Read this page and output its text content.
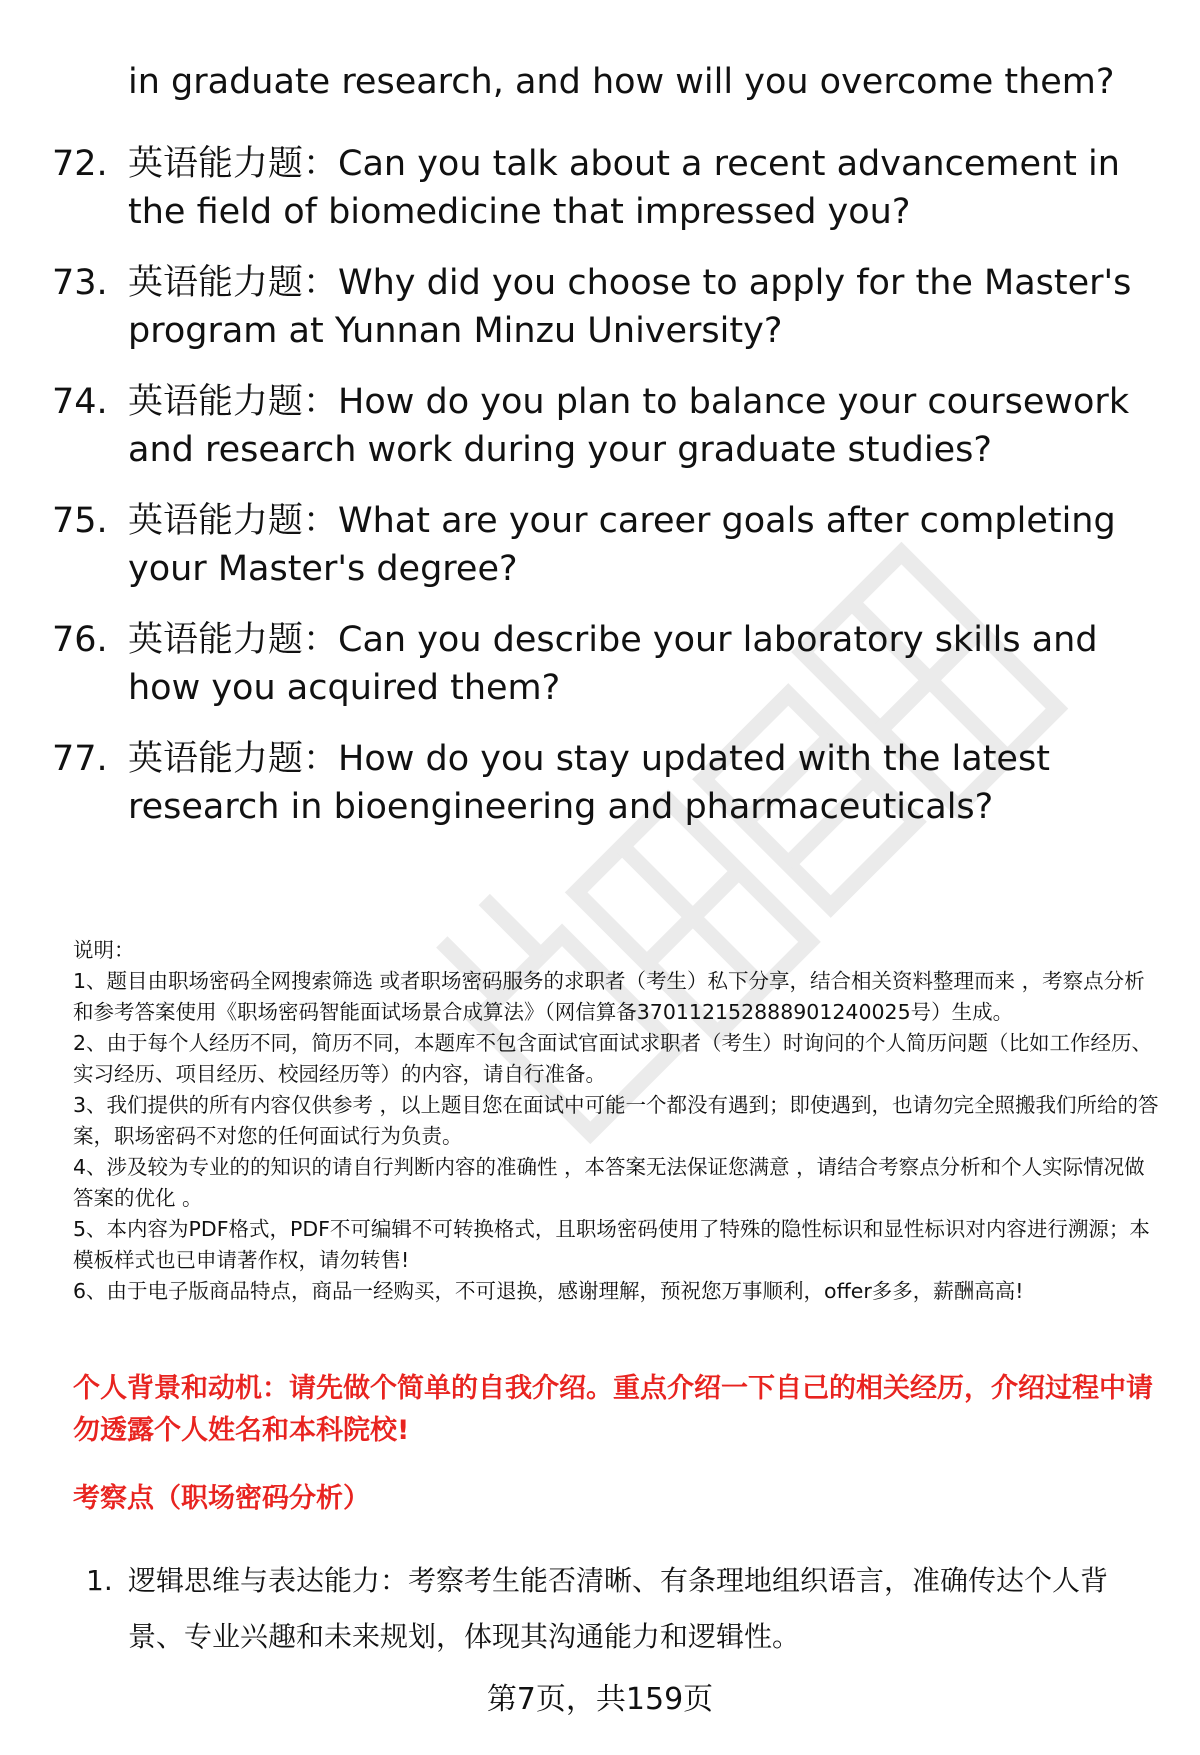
in graduate research, and how will you overcome them?
72. 英语能力题：Can you talk about a recent advancement in the field of biomedicine that impressed you?
73. 英语能力题：Why did you choose to apply for the Master's program at Yunnan Minzu University?
74. 英语能力题：How do you plan to balance your coursework and research work during your graduate studies?
75. 英语能力题：What are your career goals after completing your Master's degree?
76. 英语能力题：Can you describe your laboratory skills and how you acquired them?
77. 英语能力题：How do you stay updated with the latest research in bioengineering and pharmaceuticals?
说明：
1、题目由职场密码全网搜索筛选 或者职场密码服务的求职者（考生）私下分享，结合相关资料整理而来 ，考察点分析和参考答案使用《职场密码智能面试场景合成算法》（网信算备370112152888901240025号）生成。
2、由于每个人经历不同，简历不同，本题库不包含面试官面试求职者（考生）时询问的个人简历问题（比如工作经历、实习经历、项目经历、校园经历等）的内容，请自行准备。
3、我们提供的所有内容仅供参考 ，以上题目您在面试中可能一个都没有遇到；即使遇到，也请勿完全照搬我们所给的答案，职场密码不对您的任何面试行为负责。
4、涉及较为专业的的知识的请自行判断内容的准确性 ，本答案无法保证您满意 ，请结合考察点分析和个人实际情况做答案的优化 。
5、本内容为PDF格式，PDF不可编辑不可转换格式，且职场密码使用了特殊的隐性标识和显性标识对内容进行溯源；本模板样式也已申请著作权，请勿转售!
6、由于电子版商品特点，商品一经购买，不可退换，感谢理解，预祝您万事顺利，offer多多，薪酬高高!
个人背景和动机：请先做个简单的自我介绍。重点介绍一下自己的相关经历，介绍过程中请勿透露个人姓名和本科院校!
考察点（职场密码分析）
1. 逻辑思维与表达能力：考察考生能否清晰、有条理地组织语言，准确传达个人背景、专业兴趣和未来规划，体现其沟通能力和逻辑性。
第7页，共159页
